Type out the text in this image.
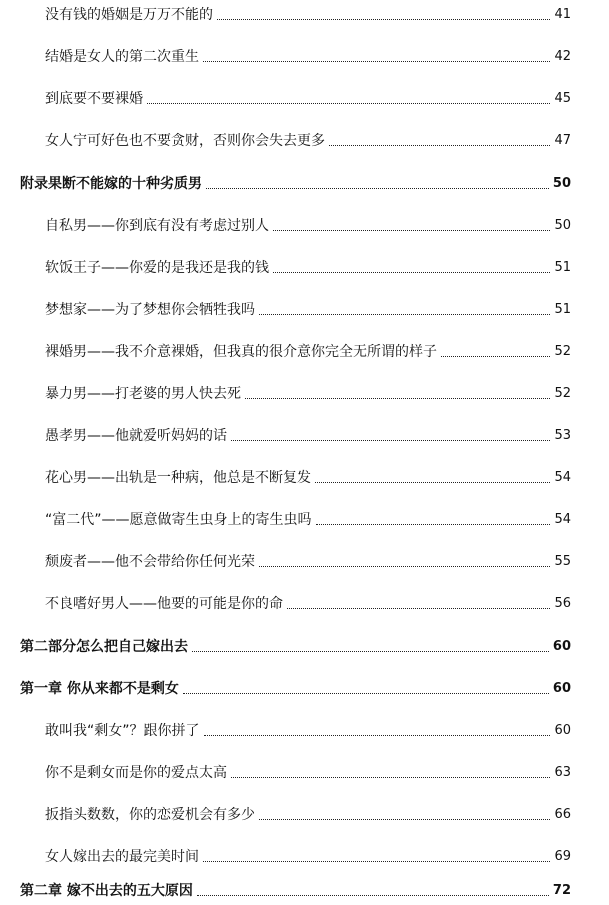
没有钱的婚姻是万万不能的	41
结婚是女人的第二次重生	42
到底要不要裸婚	45
女人宁可好色也不要贪财，否则你会失去更多	47
附录果断不能嫁的十种劣质男	50
自私男——你到底有没有考虑过别人	50
软饭王子——你爱的是我还是我的钱	51
梦想家——为了梦想你会牺牲我吗	51
裸婚男——我不介意裸婚，但我真的很介意你完全无所谓的样子	52
暴力男——打老婆的男人快去死	52
愚孝男——他就爱听妈妈的话	53
花心男——出轨是一种病，他总是不断复发	54
“富二代”——愿意做寄生虫身上的寄生虫吗	54
颓废者——他不会带给你任何光荣	55
不良嗜好男人——他要的可能是你的命	56
第二部分怎么把自己嫁出去	60
第一章 你从来都不是剩女	60
敢叫我“剩女”？跟你拼了	60
你不是剩女而是你的爱点太高	63
扳指头数数，你的恋爱机会有多少	66
女人嫁出去的最完美时间	69
第二章 嫁不出去的五大原因	72
